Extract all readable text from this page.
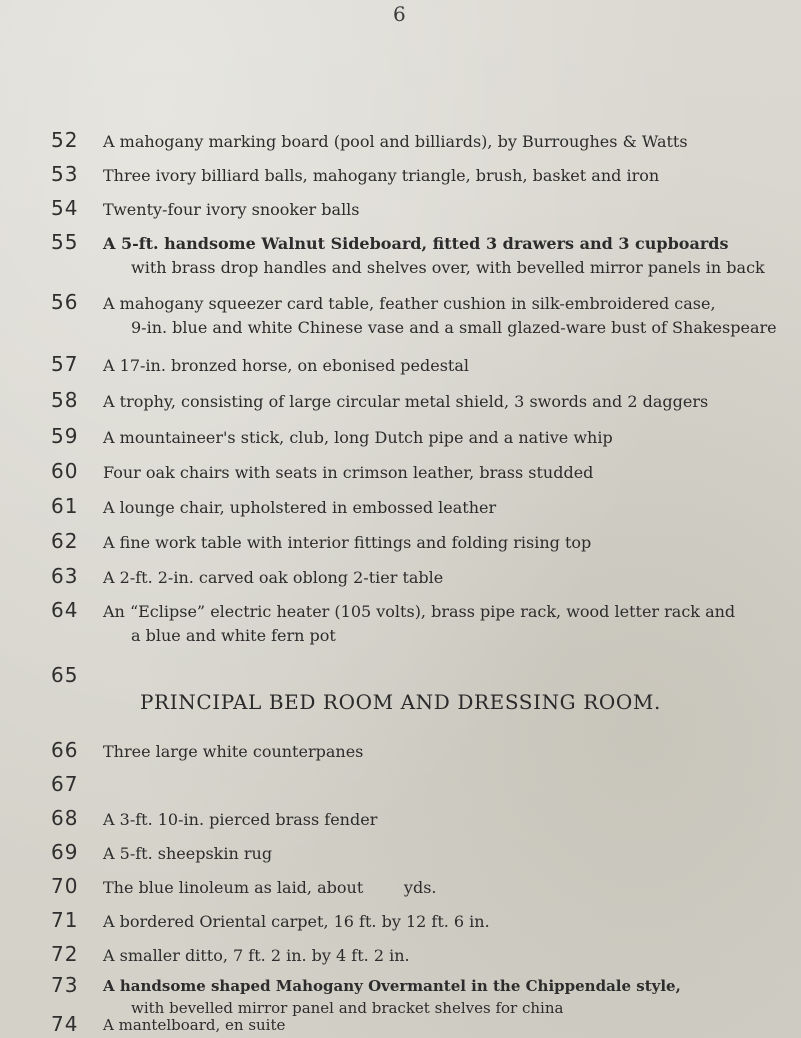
6
52 A mahogany marking board (pool and billiards), by Burroughes & Watts
53 Three ivory billiard balls, mahogany triangle, brush, basket and iron
54 Twenty-four ivory snooker balls
55 A 5-ft. handsome Walnut Sideboard, fitted 3 drawers and 3 cupboards
with brass drop handles and shelves over, with bevelled mirror panels in back
56 A mahogany squeezer card table, feather cushion in silk-embroidered case,
9-in. blue and white Chinese vase and a small glazed-ware bust of Shakespeare
57 A 17-in. bronzed horse, on ebonised pedestal
58 A trophy, consisting of large circular metal shield, 3 swords and 2 daggers
59 A mountaineer's stick, club, long Dutch pipe and a native whip
60 Four oak chairs with seats in crimson leather, brass studded
61 A lounge chair, upholstered in embossed leather
62 A fine work table with interior fittings and folding rising top
63 A 2-ft. 2-in. carved oak oblong 2-tier table
64 An “Eclipse” electric heater (105 volts), brass pipe rack, wood letter rack and
a blue and white fern pot
65
PRINCIPAL BED ROOM AND DRESSING ROOM.
66 Three large white counterpanes
67
68 A 3-ft. 10-in. pierced brass fender
69 A 5-ft. sheepskin rug
70 The blue linoleum as laid, about        yds.
71 A bordered Oriental carpet, 16 ft. by 12 ft. 6 in.
72 A smaller ditto, 7 ft. 2 in. by 4 ft. 2 in.
73 A handsome shaped Mahogany Overmantel in the Chippendale style,
with bevelled mirror panel and bracket shelves for china
74 A mantelboard, en suite
